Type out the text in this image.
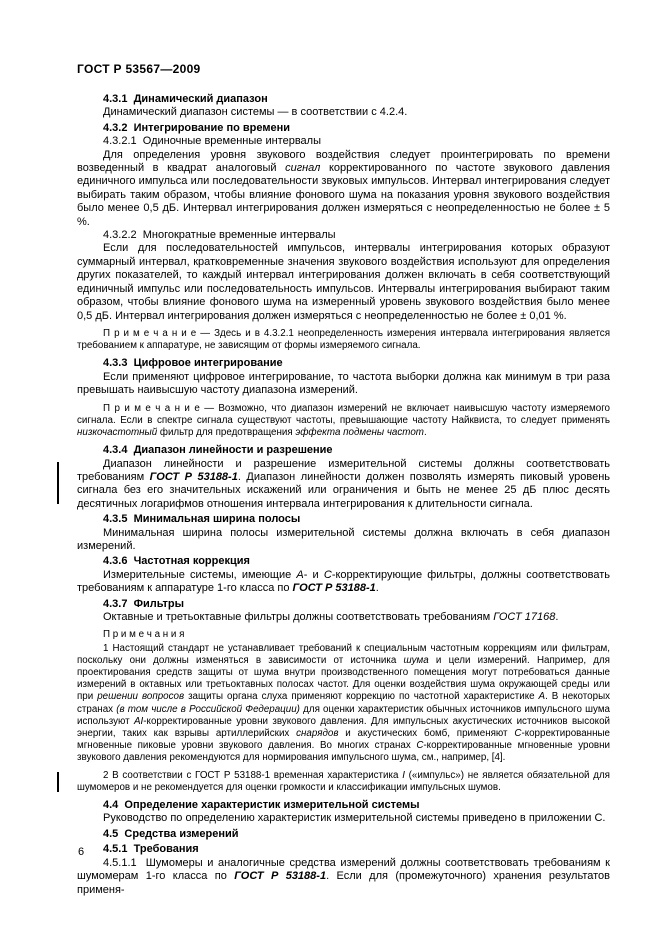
ГОСТ Р 53567—2009
4.3.1  Динамический диапазон

Динамический диапазон системы — в соответствии с 4.2.4.

4.3.2  Интегрирование по времени

4.3.2.1  Одиночные временные интервалы

Для определения уровня звукового воздействия следует проинтегрировать по времени возведенный в квадрат аналоговый сигнал корректированного по частоте звукового давления единичного импульса или последовательности звуковых импульсов. Интервал интегрирования следует выбирать таким образом, чтобы влияние фонового шума на показания уровня звукового воздействия было менее 0,5 дБ. Интервал интегрирования должен измеряться с неопределенностью не более ± 5 %.

4.3.2.2  Многократные временные интервалы

Если для последовательностей импульсов, интервалы интегрирования которых образуют суммарный интервал, кратковременные значения звукового воздействия используют для определения других показателей, то каждый интервал интегрирования должен включать в себя соответствующий единичный импульс или последовательность импульсов. Интервалы интегрирования выбирают таким образом, чтобы влияние фонового шума на измеренный уровень звукового воздействия было менее 0,5 дБ. Интервал интегрирования должен измеряться с неопределенностью не более ± 0,01 %.

П р и м е ч а н и е — Здесь и в 4.3.2.1 неопределенность измерения интервала интегрирования является требованием к аппаратуре, не зависящим от формы измеряемого сигнала.

4.3.3  Цифровое интегрирование

Если применяют цифровое интегрирование, то частота выборки должна как минимум в три раза превышать наивысшую частоту диапазона измерений.

П р и м е ч а н и е — Возможно, что диапазон измерений не включает наивысшую частоту измеряемого сигнала. Если в спектре сигнала существуют частоты, превышающие частоту Найквиста, то следует применять низкочастотный фильтр для предотвращения эффекта подмены частот.

4.3.4  Диапазон линейности и разрешение

Диапазон линейности и разрешение измерительной системы должны соответствовать требованиям ГОСТ Р 53188-1. Диапазон линейности должен позволять измерять пиковый уровень сигнала без его значительных искажений или ограничения и быть не менее 25 дБ плюс десять десятичных логарифмов отношения интервала интегрирования к длительности сигнала.

4.3.5  Минимальная ширина полосы

Минимальная ширина полосы измерительной системы должна включать в себя диапазон измерений.

4.3.6  Частотная коррекция

Измерительные системы, имеющие А- и С-корректирующие фильтры, должны соответствовать требованиям к аппаратуре 1-го класса по ГОСТ Р 53188-1.

4.3.7  Фильтры

Октавные и третьоктавные фильтры должны соответствовать требованиям ГОСТ 17168.

П р и м е ч а н и я

1 Настоящий стандарт не устанавливает требований к специальным частотным коррекциям или фильтрам, поскольку они должны изменяться в зависимости от источника шума и цели измерений. Например, для проектирования средств защиты от шума внутри производственного помещения могут потребоваться данные измерений в октавных или третьоктавных полосах частот. Для оценки воздействия шума окружающей среды или при решении вопросов защиты органа слуха применяют коррекцию по частотной характеристике А. В некоторых странах (в том числе в Российской Федерации) для оценки характеристик обычных источников импульсного шума используют AI-корректированные уровни звукового давления. Для импульсных акустических источников высокой энергии, таких как взрывы артиллерийских снарядов и акустических бомб, применяют С-корректированные мгновенные пиковые уровни звукового давления. Во многих странах С-корректированные мгновенные уровни звукового давления рекомендуются для нормирования импульсного шума, см., например, [4].

2 В соответствии с ГОСТ Р 53188-1 временная характеристика I («импульс») не является обязательной для шумомеров и не рекомендуется для оценки громкости и классификации импульсных шумов.

4.4  Определение характеристик измерительной системы

Руководство по определению характеристик измерительной системы приведено в приложении С.

4.5  Средства измерений
4.5.1  Требования

4.5.1.1  Шумомеры и аналогичные средства измерений должны соответствовать требованиям к шумомерам 1-го класса по ГОСТ Р 53188-1. Если для (промежуточного) хранения результатов применя-

6
